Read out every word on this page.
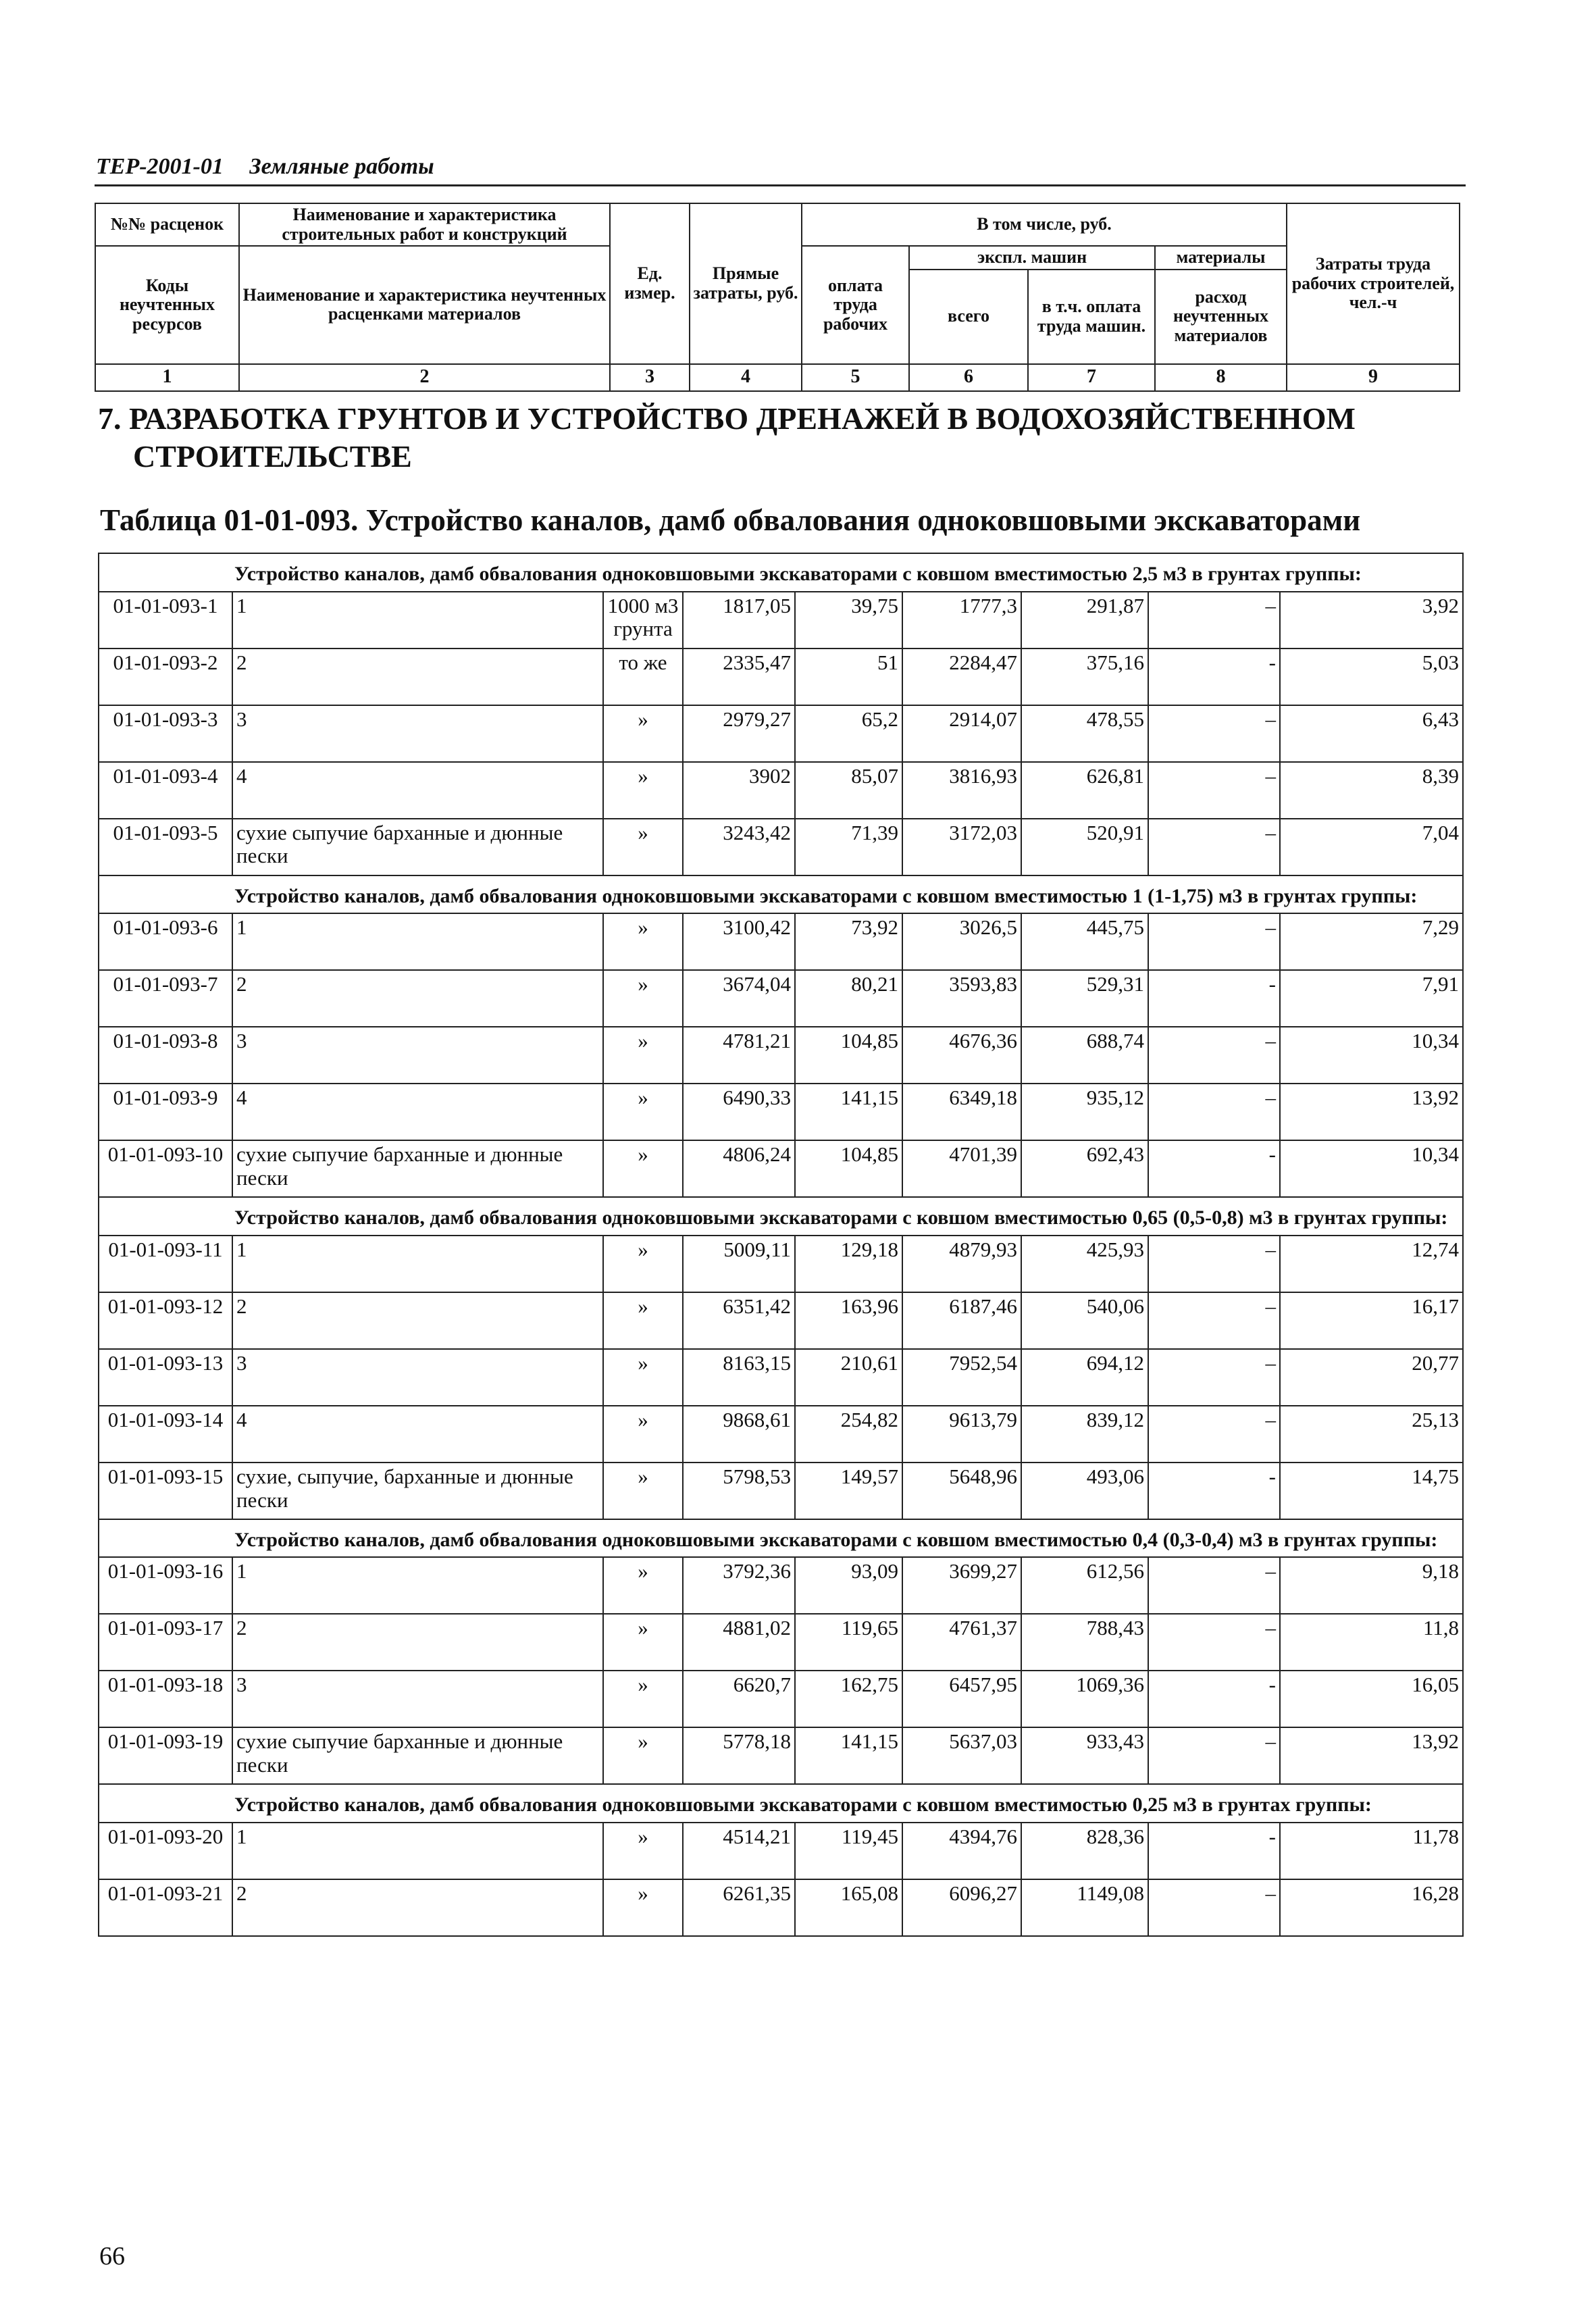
ТЕР-2001-01 Земляные работы
№№ расценок	Наименование и характеристика строительных работ и конструкций	Ед. измер.	Прямые затраты, руб.	В том числе, руб.				Затраты труда рабочих строителей, чел.-ч
Коды неучтенных ресурсов	Наименование и характеристика неучтенных расценками материалов			оплата труда рабочих	экспл. машин		материалы	
					всего	в т.ч. оплата труда машин.	расход неучтенных материалов	
1	2	3	4	5	6	7	8	9
7. РАЗРАБОТКА ГРУНТОВ И УСТРОЙСТВО ДРЕНАЖЕЙ В ВОДОХОЗЯЙСТВЕННОМ
СТРОИТЕЛЬСТВЕ
Таблица 01-01-093. Устройство каналов, дамб обвалования одноковшовыми экскаваторами
Устройство каналов, дамб обвалования одноковшовыми экскаваторами с ковшом вместимостью 2,5 м3 в грунтах группы:								
01-01-093-1	1	1000 м3 грунта	1817,05	39,75	1777,3	291,87	–	3,92
01-01-093-2	2	то же	2335,47	51	2284,47	375,16	-	5,03
01-01-093-3	3	»	2979,27	65,2	2914,07	478,55	–	6,43
01-01-093-4	4	»	3902	85,07	3816,93	626,81	–	8,39
01-01-093-5	сухие сыпучие барханные и дюнные пески	»	3243,42	71,39	3172,03	520,91	–	7,04
Устройство каналов, дамб обвалования одноковшовыми экскаваторами с ковшом вместимостью 1 (1-1,75) м3 в грунтах группы:								
01-01-093-6	1	»	3100,42	73,92	3026,5	445,75	–	7,29
01-01-093-7	2	»	3674,04	80,21	3593,83	529,31	-	7,91
01-01-093-8	3	»	4781,21	104,85	4676,36	688,74	–	10,34
01-01-093-9	4	»	6490,33	141,15	6349,18	935,12	–	13,92
01-01-093-10	сухие сыпучие барханные и дюнные пески	»	4806,24	104,85	4701,39	692,43	-	10,34
Устройство каналов, дамб обвалования одноковшовыми экскаваторами с ковшом вместимостью 0,65 (0,5-0,8) м3 в грунтах группы:								
01-01-093-11	1	»	5009,11	129,18	4879,93	425,93	–	12,74
01-01-093-12	2	»	6351,42	163,96	6187,46	540,06	–	16,17
01-01-093-13	3	»	8163,15	210,61	7952,54	694,12	–	20,77
01-01-093-14	4	»	9868,61	254,82	9613,79	839,12	–	25,13
01-01-093-15	сухие, сыпучие, барханные и дюнные пески	»	5798,53	149,57	5648,96	493,06	-	14,75
Устройство каналов, дамб обвалования одноковшовыми экскаваторами с ковшом вместимостью 0,4 (0,3-0,4) м3 в грунтах группы:								
01-01-093-16	1	»	3792,36	93,09	3699,27	612,56	–	9,18
01-01-093-17	2	»	4881,02	119,65	4761,37	788,43	–	11,8
01-01-093-18	3	»	6620,7	162,75	6457,95	1069,36	-	16,05
01-01-093-19	сухие сыпучие барханные и дюнные пески	»	5778,18	141,15	5637,03	933,43	–	13,92
Устройство каналов, дамб обвалования одноковшовыми экскаваторами с ковшом вместимостью 0,25 м3 в грунтах группы:								
01-01-093-20	1	»	4514,21	119,45	4394,76	828,36	-	11,78
01-01-093-21	2	»	6261,35	165,08	6096,27	1149,08	–	16,28
66
